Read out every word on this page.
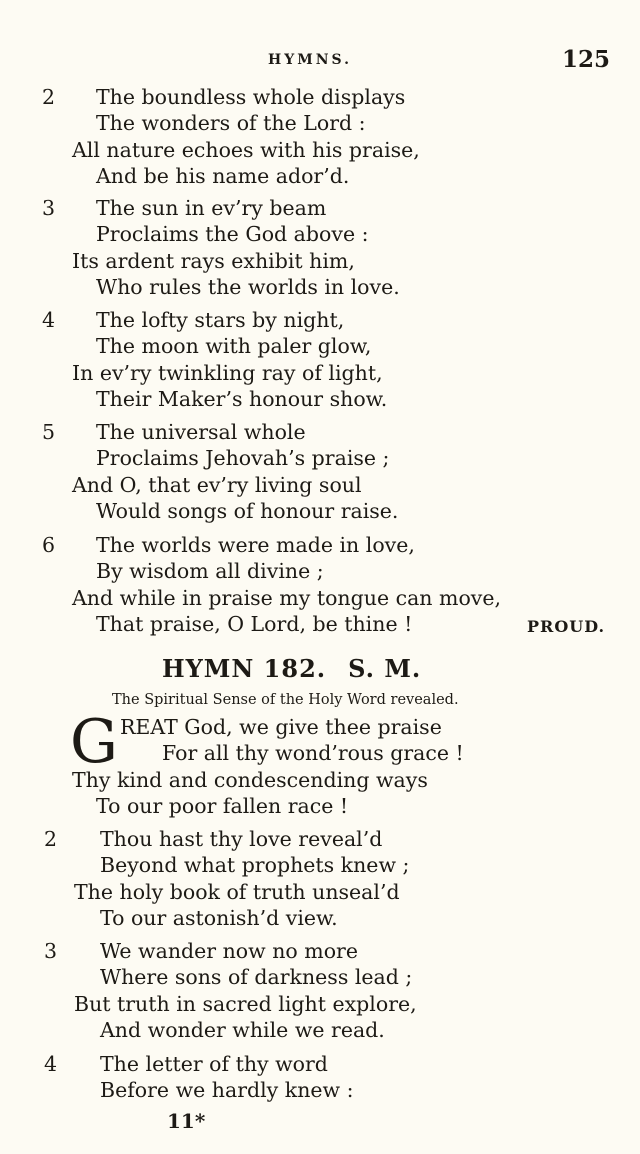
HYMNS.	125
2 The boundless whole displays
The wonders of the Lord :
All nature echoes with his praise,
And be his name ador’d.
3 The sun in ev’ry beam
Proclaims the God above :
Its ardent rays exhibit him,
Who rules the worlds in love.
4 The lofty stars by night,
The moon with paler glow,
In ev’ry twinkling ray of light,
Their Maker’s honour show.
5 The universal whole
Proclaims Jehovah’s praise ;
And O, that ev’ry living soul
Would songs of honour raise.
6 The worlds were made in love,
By wisdom all divine ;
And while in praise my tongue can move,
That praise, O Lord, be thine !	PROUD.
HYMN 182. S. M.
The Spiritual Sense of the Holy Word revealed.
G REAT God, we give thee praise
For all thy wond’rous grace !
Thy kind and condescending ways
To our poor fallen race !
2 Thou hast thy love reveal’d
Beyond what prophets knew ;
The holy book of truth unseal’d
To our astonish’d view.
3 We wander now no more
Where sons of darkness lead ;
But truth in sacred light explore,
And wonder while we read.
4 The letter of thy word
Before we hardly knew :
11*
